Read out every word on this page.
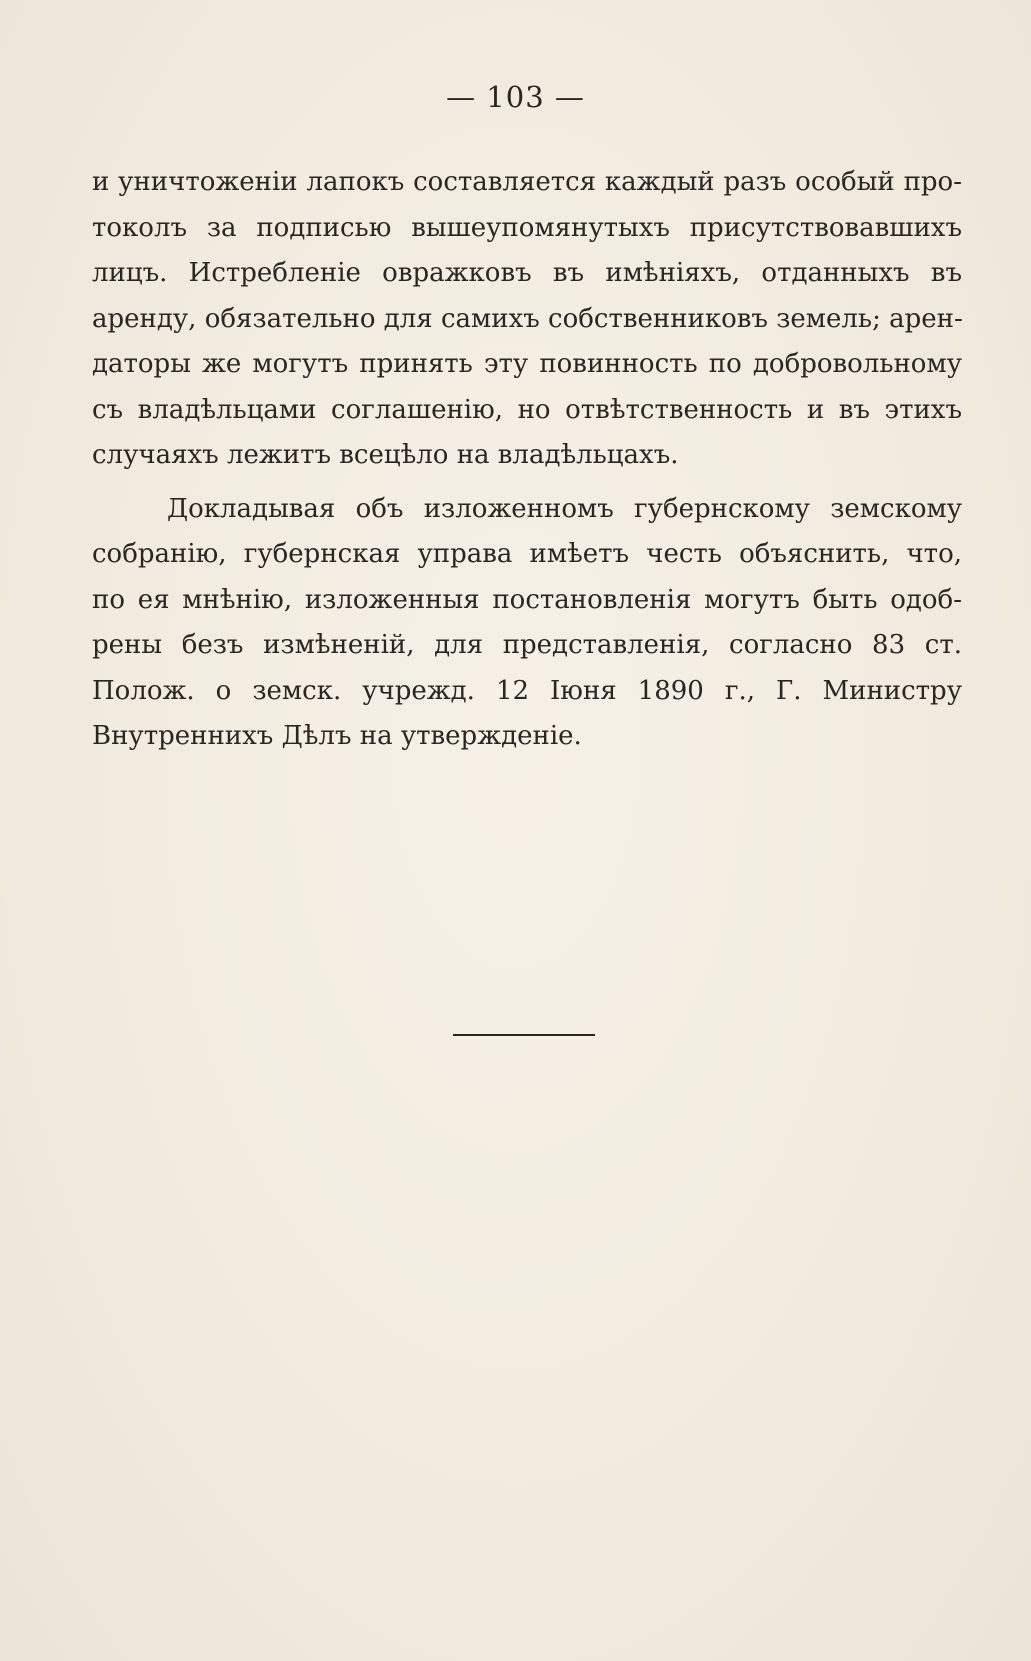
— 103 —
и уничтоженіи лапокъ составляется каждый разъ особый про-
токолъ за подписью вышеупомянутыхъ присутствовавшихъ
лицъ. Истребленіе овражковъ въ имѣніяхъ, отданныхъ въ
аренду, обязательно для самихъ собственниковъ земель; арен-
даторы же могутъ принять эту повинность по добровольному
съ владѣльцами соглашенію, но отвѣтственность и въ этихъ
случаяхъ лежитъ всецѣло на владѣльцахъ.
Докладывая объ изложенномъ губернскому земскому
собранію, губернская управа имѣетъ честь объяснить, что,
по ея мнѣнію, изложенныя постановленія могутъ быть одоб-
рены безъ измѣненій, для представленія, согласно 83 ст.
Полож. о земск. учрежд. 12 Іюня 1890 г., Г. Министру
Внутреннихъ Дѣлъ на утвержденіе.
